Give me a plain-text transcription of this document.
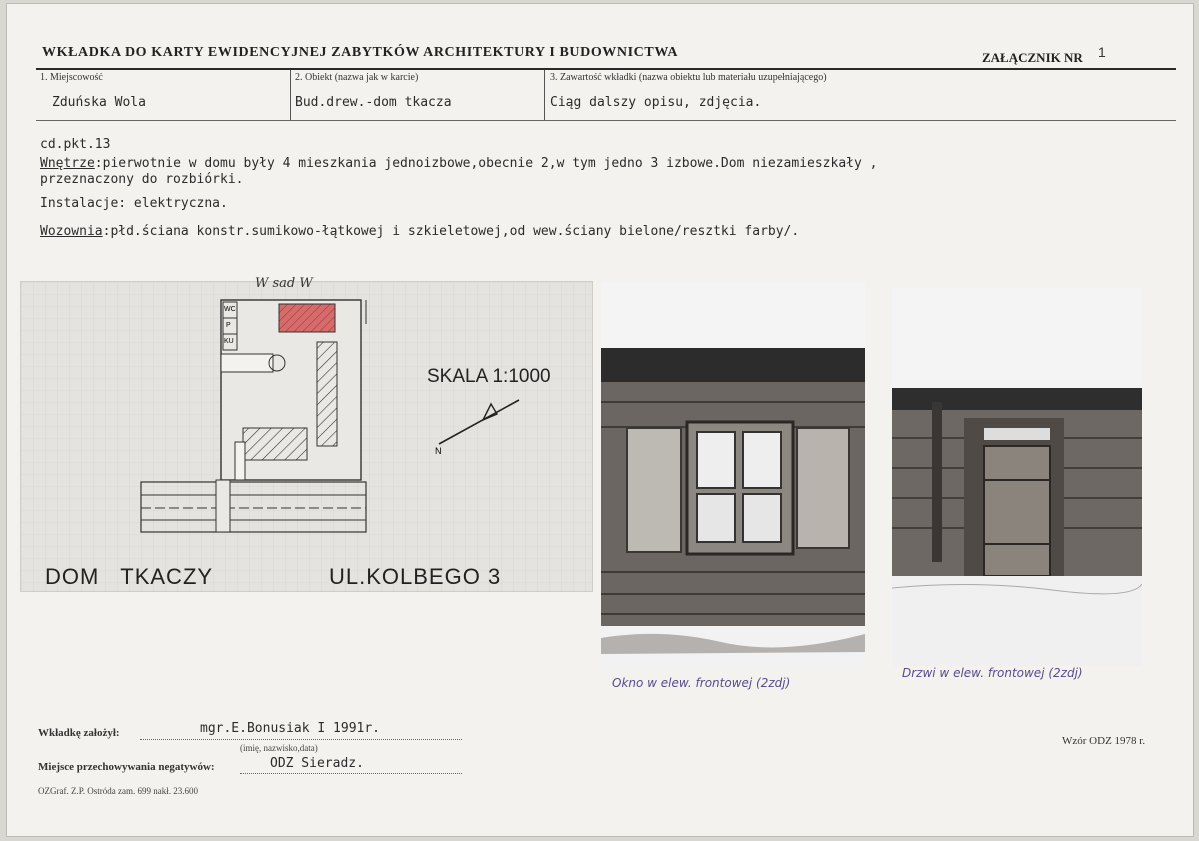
WKŁADKA DO KARTY EWIDENCYJNEJ ZABYTKÓW ARCHITEKTURY I BUDOWNICTWA	ZAŁĄCZNIK NR 1
1. Miejscowość
Zduńska Wola
2. Obiekt (nazwa jak w karcie)
Bud.drew.-dom tkacza
3. Zawartość wkładki (nazwa obiektu lub materiału uzupełniającego)
Ciąg dalszy opisu, zdjęcia.
cd.pkt.13
Wnętrze:pierwotnie w domu były 4 mieszkania jednoizbowe,obecnie 2,w tym jedno 3 izbowe.Dom niezamieszkały ,
przeznaczony do rozbiórki.
Instalacje: elektryczna.
Wozownia:płd.ściana konstr.sumikowo-łątkowej i szkieletowej,od wew.ściany bielone/resztki farby/.
W sad W
WC
P
KU
SKALA 1:1000
N
DOM   TKACZY	UL.KOLBEGO 3
Okno w elew. frontowej (2zdj)
Drzwi w elew. frontowej (2zdj)
Wkładkę założył:	mgr.E.Bonusiak I 1991r.
(imię, nazwisko,data)
Miejsce przechowywania negatywów:	ODZ Sieradz.
OZGraf. Z.P. Ostróda zam. 699 nakł. 23.600
Wzór ODZ 1978 r.
